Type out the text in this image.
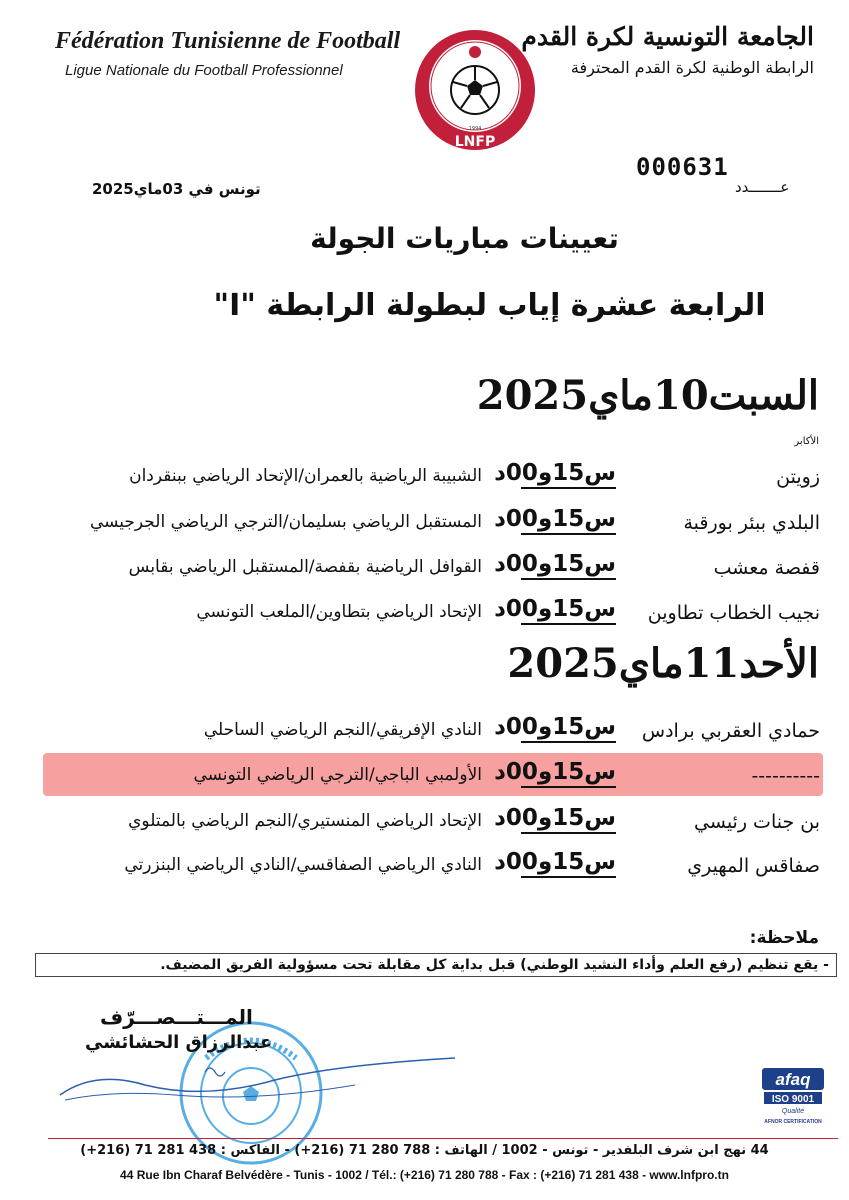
Fédération Tunisienne de Football
Ligue Nationale du Football Professionnel
الجامعة التونسية لكرة القدم
الرابطة الوطنية لكرة القدم المحترفة
1994
LNFP
000631
عـــــــدد
تونس في 03ماي2025
تعيينات مباريات الجولة
الرابعة عشرة إياب لبطولة الرابطة "I"
السبت10ماي2025
الأكابر
زويتن
س15و00د
الشبيبة الرياضية بالعمران/الإتحاد الرياضي ببنقردان
البلدي ببئر بورقبة
س15و00د
المستقبل الرياضي بسليمان/الترجي الرياضي الجرجيسي
قفصة معشب
س15و00د
القوافل الرياضية بقفصة/المستقبل الرياضي بقابس
نجيب الخطاب تطاوين
س15و00د
الإتحاد الرياضي بتطاوين/الملعب التونسي
الأحد11ماي2025
حمادي العقربي برادس
س15و00د
النادي الإفريقي/النجم الرياضي الساحلي
----------
س15و00د
الأولمبي الباجي/الترجي الرياضي التونسي
بن جنات رئيسي
س15و00د
الإتحاد الرياضي المنستيري/النجم الرياضي بالمتلوي
صفاقس المهيري
س15و00د
النادي الرياضي الصفاقسي/النادي الرياضي البنزرتي
ملاحظة:
- يقع تنظيم (رفع العلم وأداء النشيد الوطني) قبل بداية كل مقابلة تحت مسؤولية الفريق المضيف.
المـــتـــصـــرّف
عبدالرزاق الحشائشي
afaq
ISO 9001
Qualité
AFNOR CERTIFICATION
44 نهج ابن شرف البلفدير - تونس - 1002 / الهاتف : 788 280 71 (216+) - الفاكس : 438 281 71 (216+)
44 Rue Ibn Charaf Belvédère - Tunis - 1002 / Tél.: (+216) 71 280 788 - Fax : (+216) 71 281 438 - www.lnfpro.tn
